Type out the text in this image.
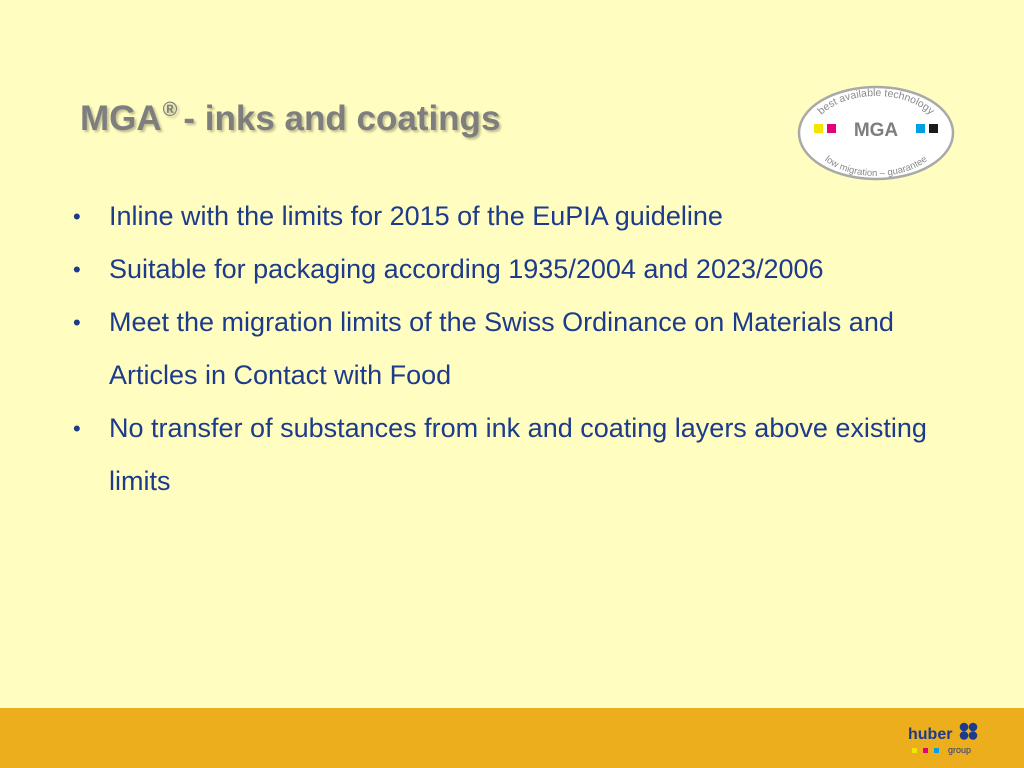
MGA® - inks and coatings	best available technology
MGA
low migration – guarantee
• Inline with the limits for 2015 of the EuPIA guideline
• Suitable for packaging according 1935/2004 and 2023/2006
• Meet the migration limits of the Swiss Ordinance on Materials and Articles in Contact with Food
• No transfer of substances from ink and coating layers above existing limits
huber
group
